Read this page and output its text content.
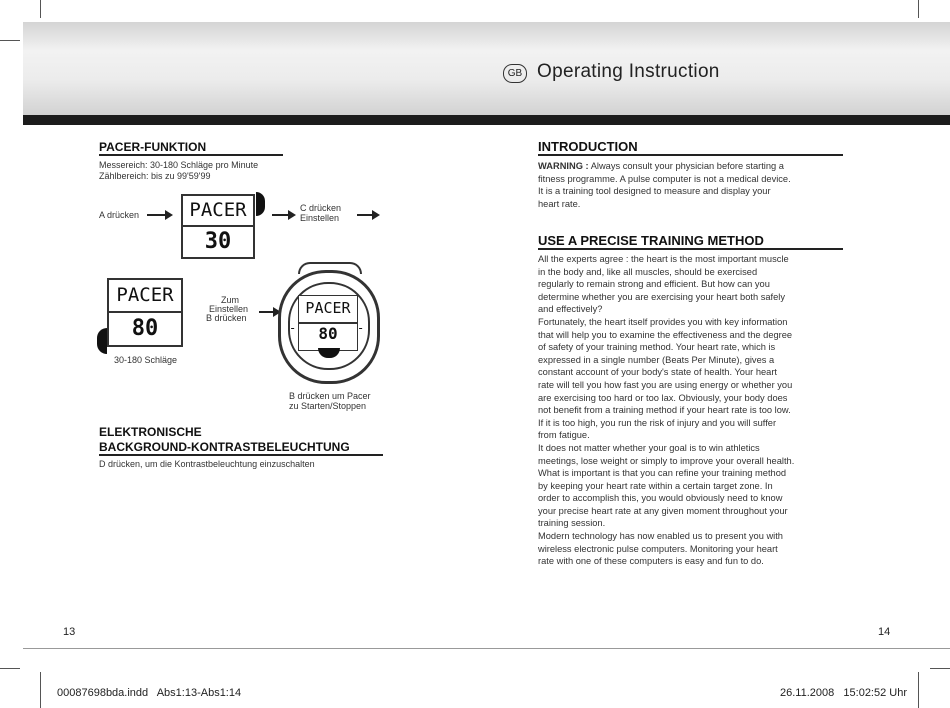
GB Operating Instruction
PACER-FUNKTION
Messereich: 30-180 Schläge pro Minute
Zählbereich: bis zu 99'59'99
A drücken	PACER
30
C drücken
Einstellen
PACER
80
Zum
Einstellen
B drücken
PACER
80
-	-
30-180 Schläge
B drücken um Pacer
zu Starten/Stoppen
ELEKTRONISCHE
BACKGROUND-KONTRASTBELEUCHTUNG
D drücken, um die Kontrastbeleuchtung einzuschalten
INTRODUCTION
WARNING : Always consult your physician before starting a
fitness programme. A pulse computer is not a medical device.
It is a training tool designed to measure and display your
heart rate.
USE A PRECISE TRAINING METHOD
All the experts agree : the heart is the most important muscle
in the body and, like all muscles, should be exercised
regularly to remain strong and efficient. But how can you
determine whether you are exercising your heart both safely
and effectively?
Fortunately, the heart itself provides you with key information
that will help you to examine the effectiveness and the degree
of safety of your training method. Your heart rate, which is
expressed in a single number (Beats Per Minute), gives a
constant account of your body's state of health. Your heart
rate will tell you how fast you are using energy or whether you
are exercising too hard or too lax. Obviously, your body does
not benefit from a training method if your heart rate is too low.
If it is too high, you run the risk of injury and you will suffer
from fatigue.
It does not matter whether your goal is to win athletics
meetings, lose weight or simply to improve your overall health.
What is important is that you can refine your training method
by keeping your heart rate within a certain target zone. In
order to accomplish this, you would obviously need to know
your precise heart rate at any given moment throughout your
training session.
Modern technology has now enabled us to present you with
wireless electronic pulse computers. Monitoring your heart
rate with one of these computers is easy and fun to do.
13	14
00087698bda.indd   Abs1:13-Abs1:14	26.11.2008   15:02:52 Uhr
